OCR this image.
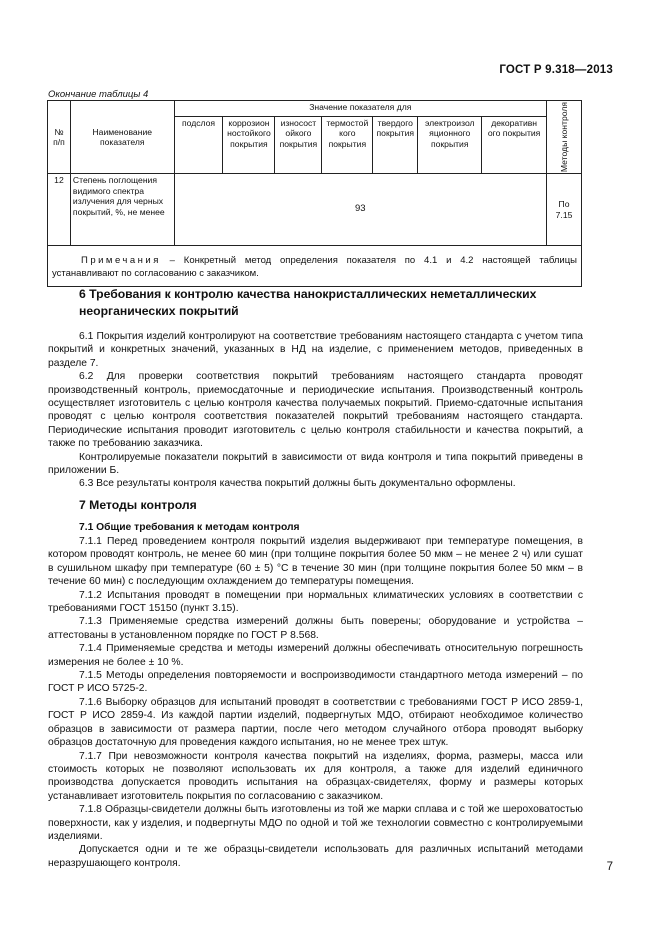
ГОСТ Р 9.318—2013
Окончание таблицы 4
№ п/п	Наименование показателя	Значение показателя для							Методы контроля

		подслоя	коррозион ностойкого покрытия	износост ойкого покрытия	термостой кого покрытия	твердого покрытия	электроизол яционного покрытия	декоративн ого покрытия	
12	Степень поглощения видимого спектра излучения для черных покрытий, %, не менее	93							По 7.15
Примечания – Конкретный метод определения показателя по 4.1 и 4.2 настоящей таблицы устанавливают по согласованию с заказчиком.									
6 Требования к контролю качества нанокристаллических неметаллических неорганических покрытий

6.1 Покрытия изделий контролируют на соответствие требованиям настоящего стандарта с учетом типа покрытий и конкретных значений, указанных в НД на изделие, с применением методов, приведенных в разделе 7.

6.2 Для проверки соответствия покрытий требованиям настоящего стандарта проводят производственный контроль, приемосдаточные и периодические испытания. Производственный контроль осуществляет изготовитель с целью контроля качества получаемых покрытий. Приемо-сдаточные испытания проводят с целью контроля соответствия показателей покрытий требованиям настоящего стандарта. Периодические испытания проводит изготовитель с целью контроля стабильности и качества покрытий, а также по требованию заказчика.

Контролируемые показатели покрытий в зависимости от вида контроля и типа покрытий приведены в приложении Б.

6.3 Все результаты контроля качества покрытий должны быть документально оформлены.

7 Методы контроля
7.1 Общие требования к методам контроля

7.1.1 Перед проведением контроля покрытий изделия выдерживают при температуре помещения, в котором проводят контроль, не менее 60 мин (при толщине покрытия более 50 мкм – не менее 2 ч) или сушат в сушильном шкафу при температуре (60 ± 5) °С в течение 30 мин (при толщине покрытия более 50 мкм – в течение 60 мин) с последующим охлаждением до температуры помещения.

7.1.2 Испытания проводят в помещении при нормальных климатических условиях в соответствии с требованиями ГОСТ 15150 (пункт 3.15).

7.1.3 Применяемые средства измерений должны быть поверены; оборудование и устройства – аттестованы в установленном порядке по ГОСТ Р 8.568.

7.1.4 Применяемые средства и методы измерений должны обеспечивать относительную погрешность измерения не более ± 10 %.

7.1.5 Методы определения повторяемости и воспроизводимости стандартного метода измерений – по ГОСТ Р ИСО 5725-2.

7.1.6 Выборку образцов для испытаний проводят в соответствии с требованиями ГОСТ Р ИСО 2859-1, ГОСТ Р ИСО 2859-4. Из каждой партии изделий, подвергнутых МДО, отбирают необходимое количество образцов в зависимости от размера партии, после чего методом случайного отбора проводят выборку образцов достаточную для проведения каждого испытания, но не менее трех штук.

7.1.7 При невозможности контроля качества покрытий на изделиях, форма, размеры, масса или стоимость которых не позволяют использовать их для контроля, а также для изделий единичного производства допускается проводить испытания на образцах-свидетелях, форму и размеры которых устанавливает изготовитель покрытия по согласованию с заказчиком.

7.1.8 Образцы-свидетели должны быть изготовлены из той же марки сплава и с той же шероховатостью поверхности, как у изделия, и подвергнуты МДО по одной и той же технологии совместно с контролируемыми изделиями.

Допускается одни и те же образцы-свидетели использовать для различных испытаний методами неразрушающего контроля.	7
